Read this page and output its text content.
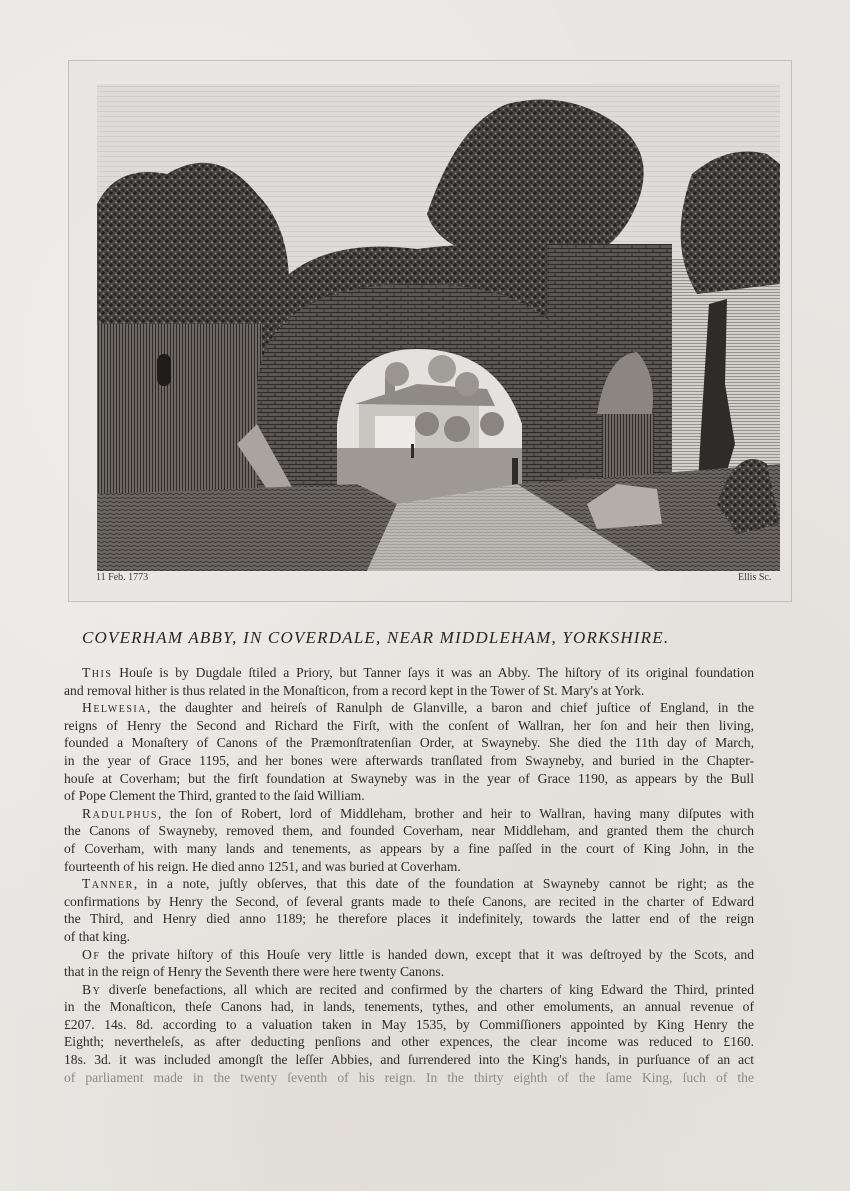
11 Feb. 1773	Ellis Sc.
COVERHAM ABBY, IN COVERDALE, NEAR MIDDLEHAM, YORKSHIRE.
This Houſe is by Dugdale ſtiled a Priory, but Tanner ſays it was an Abby. The hiſtory of its original foundation
and removal hither is thus related in the Monaſticon, from a record kept in the Tower of St. Mary's at York.
Helwesia, the daughter and heireſs of Ranulph de Glanville, a baron and chief juſtice of England, in the
reigns of Henry the Second and Richard the Firſt, with the conſent of Wallran, her ſon and heir then living,
founded a Monaſtery of Canons of the Præmonſtratenſian Order, at Swayneby. She died the 11th day of March,
in the year of Grace 1195, and her bones were afterwards tranſlated from Swayneby, and buried in the Chapter-
houſe at Coverham; but the firſt foundation at Swayneby was in the year of Grace 1190, as appears by the Bull
of Pope Clement the Third, granted to the ſaid William.
Radulphus, the ſon of Robert, lord of Middleham, brother and heir to Wallran, having many diſputes with
the Canons of Swayneby, removed them, and founded Coverham, near Middleham, and granted them the church
of Coverham, with many lands and tenements, as appears by a fine paſſed in the court of King John, in the
fourteenth of his reign. He died anno 1251, and was buried at Coverham.
Tanner, in a note, juſtly obſerves, that this date of the foundation at Swayneby cannot be right; as the
confirmations by Henry the Second, of ſeveral grants made to theſe Canons, are recited in the charter of Edward
the Third, and Henry died anno 1189; he therefore places it indefinitely, towards the latter end of the reign
of that king.
Of the private hiſtory of this Houſe very little is handed down, except that it was deſtroyed by the Scots, and
that in the reign of Henry the Seventh there were here twenty Canons.
By diverſe benefactions, all which are recited and confirmed by the charters of king Edward the Third, printed
in the Monaſticon, theſe Canons had, in lands, tenements, tythes, and other emoluments, an annual revenue of
£207. 14s. 8d. according to a valuation taken in May 1535, by Commiſſioners appointed by King Henry the
Eighth; neverthelеſs, as after deducting penſions and other expences, the clear income was reduced to £160.
18s. 3d. it was included amongſt the leſſer Abbies, and ſurrendered into the King's hands, in purſuance of an act
of parliament made in the twenty ſeventh of his reign. In the thirty eighth of the ſame King, ſuch of the
